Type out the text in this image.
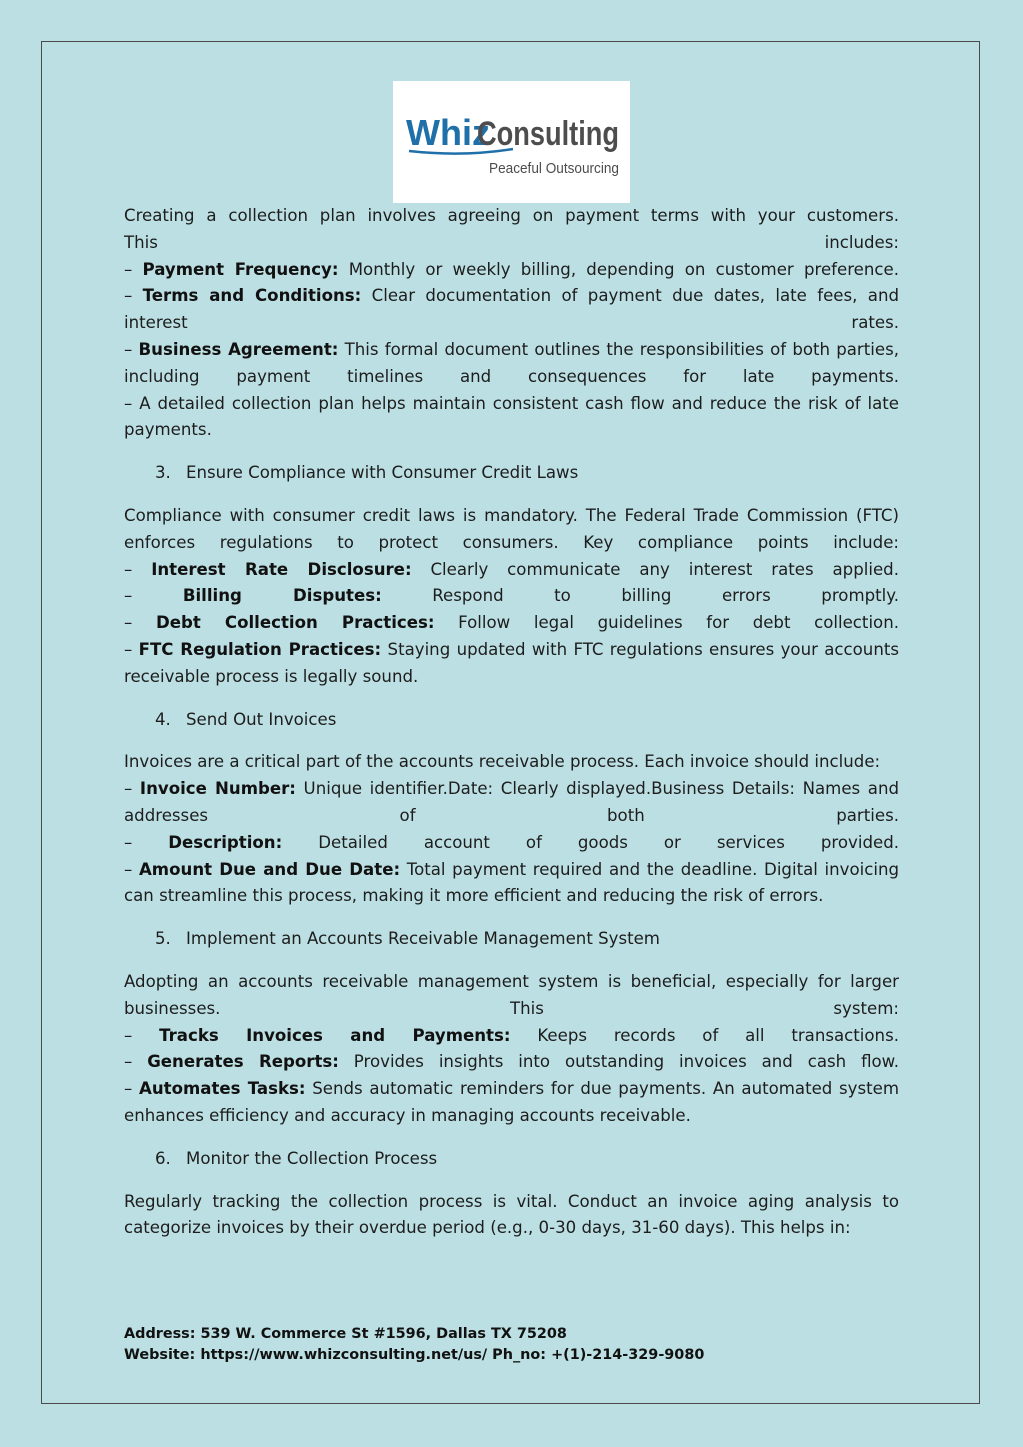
Whiz
Consulting
Peaceful Outsourcing

Creating a collection plan involves agreeing on payment terms with your customers.
This includes:
– Payment Frequency: Monthly or weekly billing, depending on customer preference.
– Terms and Conditions: Clear documentation of payment due dates, late fees, and interest rates.
– Business Agreement: This formal document outlines the responsibilities of both parties, including payment timelines and consequences for late payments.
– A detailed collection plan helps maintain consistent cash flow and reduce the risk of late payments.

3. Ensure Compliance with Consumer Credit Laws

Compliance with consumer credit laws is mandatory. The Federal Trade Commission (FTC) enforces regulations to protect consumers. Key compliance points include:
– Interest Rate Disclosure: Clearly communicate any interest rates applied.
– Billing Disputes:	Respond to billing errors promptly.
– Debt Collection Practices: Follow legal guidelines for debt collection.
– FTC Regulation Practices: Staying updated with FTC regulations ensures your accounts receivable process is legally sound.

4. Send Out Invoices

Invoices are a critical part of the accounts receivable process. Each invoice should include:
– Invoice Number: Unique identifier.Date: Clearly displayed.Business Details: Names and addresses of both parties.
– Description: Detailed account of goods or services provided.
– Amount Due and Due Date: Total payment required and the deadline. Digital invoicing can streamline this process, making it more efficient and reducing the risk of errors.

5. Implement an Accounts Receivable Management System

Adopting an accounts receivable management system is beneficial, especially for larger businesses. This system:
– Tracks Invoices and Payments: Keeps records of all transactions.
– Generates Reports: Provides insights into outstanding invoices and cash flow.
– Automates Tasks: Sends automatic reminders for due payments. An automated system enhances efficiency and accuracy in managing accounts receivable.

6. Monitor the Collection Process

Regularly tracking the collection process is vital. Conduct an invoice aging analysis to categorize invoices by their overdue period (e.g., 0-30 days, 31-60 days). This helps in:

Address: 539 W. Commerce St #1596, Dallas TX 75208
Website: https://www.whizconsulting.net/us/ Ph_no: +(1)-214-329-9080
